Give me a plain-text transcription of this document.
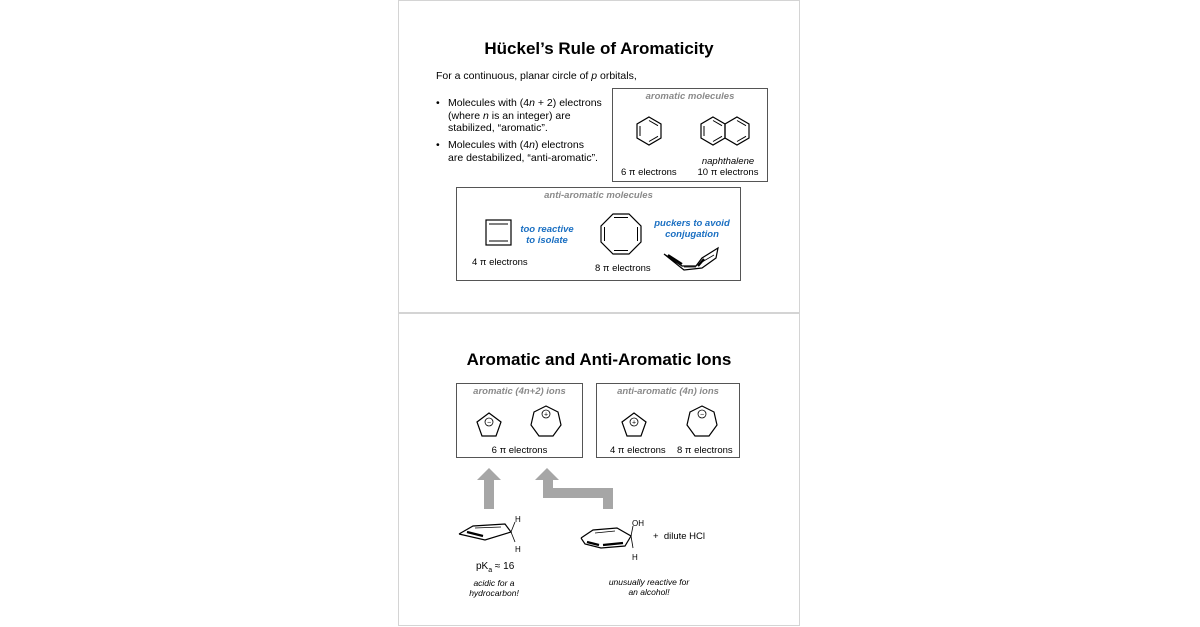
Hückel’s Rule of Aromaticity
For a continuous, planar circle of p orbitals,
• Molecules with (4n + 2) electrons
(where n is an integer) are
stabilized, “aromatic”.
• Molecules with (4n) electrons
are destabilized, “anti-aromatic”.
aromatic molecules
6 π electrons
naphthalene
10 π electrons
anti-aromatic molecules
4 π electrons
too reactive
to isolate
8 π electrons
puckers to avoid
conjugation
Aromatic and Anti-Aromatic Ions
aromatic (4n+2) ions
−
+
6 π electrons
anti-aromatic (4n) ions
+
−
4 π electrons 8 π electrons
H
H
$pK_a \approx 16$
acidic for a
hydrocarbon!
OH
H
+  dilute HCl
unusually reactive for
an alcohol!
